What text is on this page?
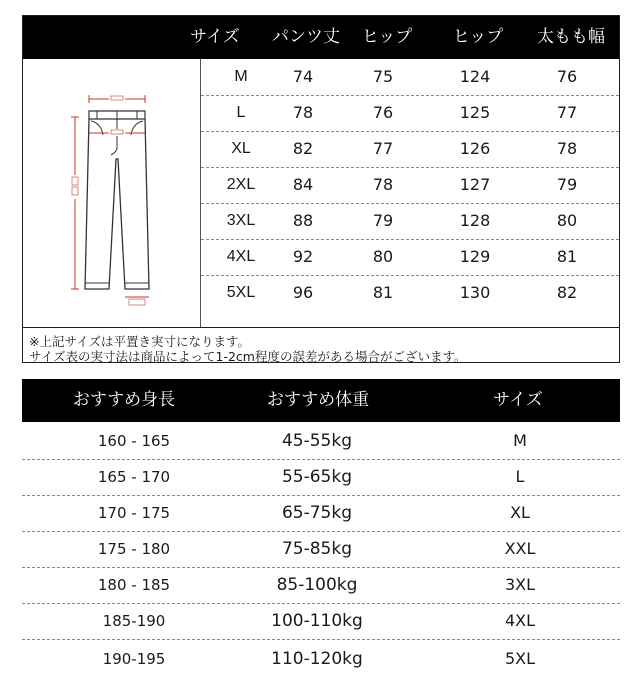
サイズ	パンツ丈	ヒップ	ヒップ	太もも幅
M	74	75	124	76
L	78	76	125	77
XL	82	77	126	78
2XL	84	78	127	79
3XL	88	79	128	80
4XL	92	80	129	81
5XL	96	81	130	82
※上記サイズは平置き実寸になります。
サイズ表の実寸法は商品によって1-2cm程度の誤差がある場合がございます。
おすすめ身長	おすすめ体重	サイズ
160 - 165	45-55kg	M
165 - 170	55-65kg	L
170 - 175	65-75kg	XL
175 - 180	75-85kg	XXL
180 - 185	85-100kg	3XL
185-190	100-110kg	4XL
190-195	110-120kg	5XL
